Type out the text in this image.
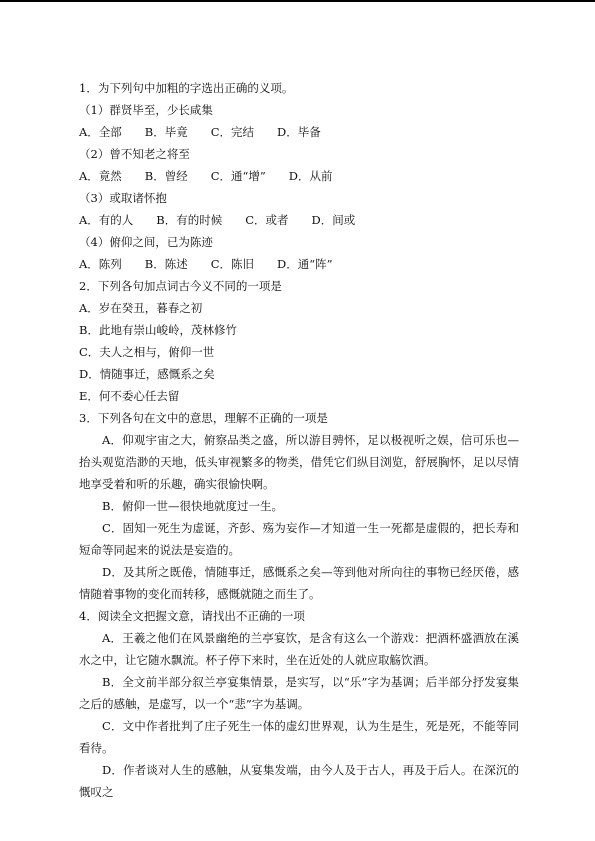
1．为下列句中加粗的字选出正确的义项。
（1）群贤毕至，少长咸集
A．全部　　B．毕竟　　C．完结　　D．毕备
（2）曾不知老之将至
A．竟然　　B．曾经　　C．通“增”　　D．从前
（3）或取诸怀抱
A．有的人　　B．有的时候　　C．或者　　D．间或
（4）俯仰之间，已为陈迹
A．陈列　　B．陈述　　C．陈旧　　D．通“阵”
2．下列各句加点词古今义不同的一项是
A．岁在癸丑，暮春之初
B．此地有崇山峻岭，茂林修竹
C．夫人之相与，俯仰一世
D．情随事迁，感慨系之矣
E．何不委心任去留
3．下列各句在文中的意思，理解不正确的一项是
A．仰观宇宙之大，俯察品类之盛，所以游目骋怀，足以极视听之娱，信可乐也—抬头观览浩渺的天地，低头审视繁多的物类，借凭它们纵目浏览，舒展胸怀，足以尽情地享受着和听的乐趣，确实很愉快啊。
B．俯仰一世—很快地就度过一生。
C．固知一死生为虚诞，齐彭、殇为妄作—才知道一生一死都是虚假的，把长寿和短命等同起来的说法是妄造的。
D．及其所之既倦，情随事迁，感慨系之矣—等到他对所向往的事物已经厌倦，感情随着事物的变化而转移，感慨就随之而生了。
4．阅读全文把握文意，请找出不正确的一项
A．王羲之他们在风景幽绝的兰亭宴饮，是含有这么一个游戏：把酒杯盛酒放在溪水之中，让它随水飘流。杯子停下来时，坐在近处的人就应取觞饮酒。
B．全文前半部分叙兰亭宴集情景，是实写，以“乐”字为基调；后半部分抒发宴集之后的感触，是虚写，以一个“悲”字为基调。
C．文中作者批判了庄子死生一体的虚幻世界观，认为生是生，死是死，不能等同看待。
D．作者谈对人生的感触，从宴集发端，由今人及于古人，再及于后人。在深沉的慨叹之
